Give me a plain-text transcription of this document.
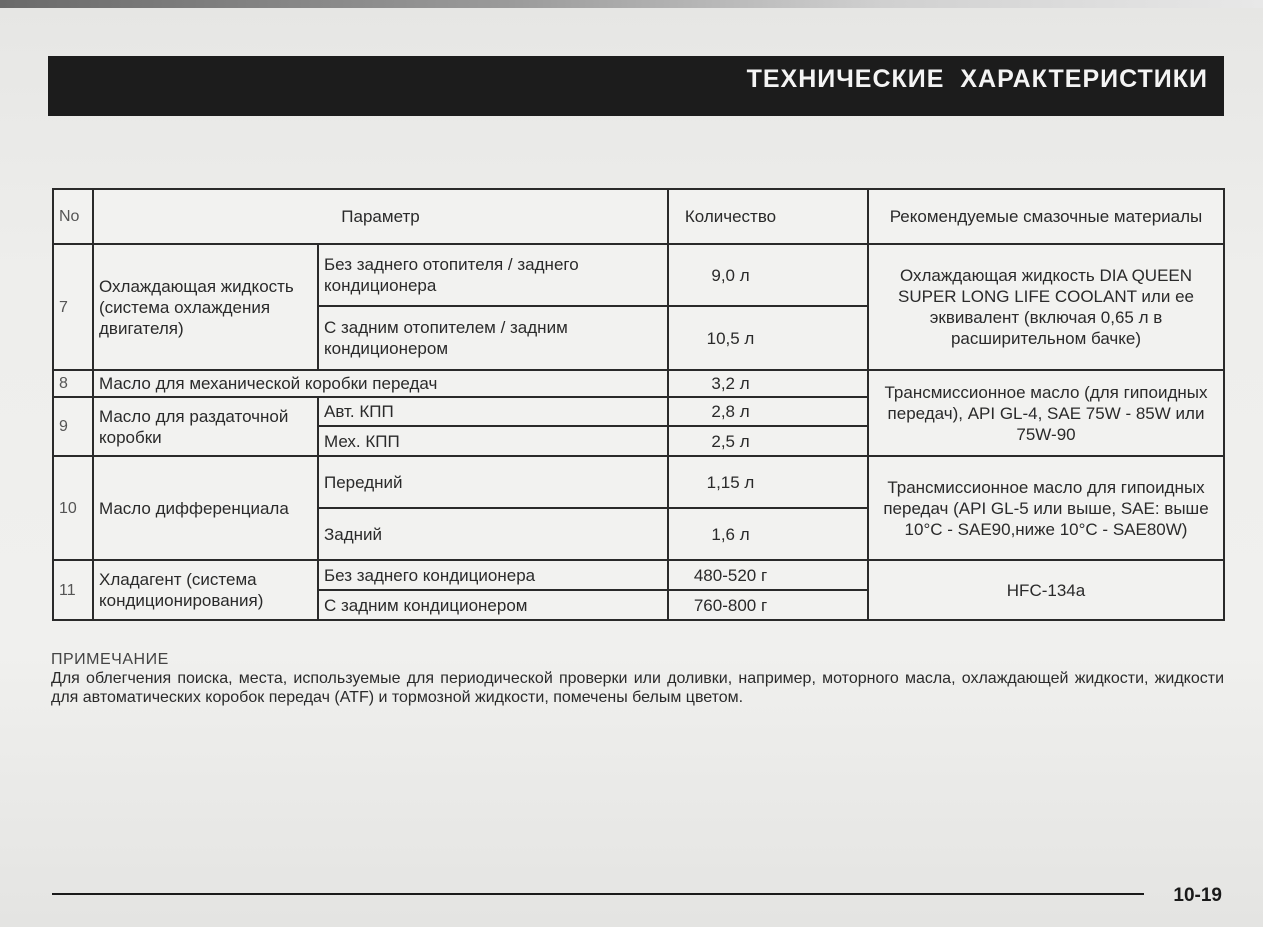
ТЕХНИЧЕСКИЕ ХАРАКТЕРИСТИКИ
No	Параметр		Количество	Рекомендуемые смазочные материалы
7	Охлаждающая жидкость (система охлаждения двигателя)	Без заднего отопителя / заднего кондиционера	9,0 л	Охлаждающая жидкость DIA QUEEN SUPER LONG LIFE COOLANT или ее эквивалент (включая 0,65 л в расширительном бачке)
		С задним отопителем / задним кондиционером	10,5 л	
8	Масло для механической коробки передач		3,2 л	Трансмиссионное масло (для гипоидных передач), API GL-4, SAE 75W - 85W или 75W-90
9	Масло для раздаточной коробки	Авт. КПП	2,8 л	
		Мех. КПП	2,5 л	
10	Масло дифференциала	Передний	1,15 л	Трансмиссионное масло для гипоидных передач (API GL-5 или выше, SAE: выше 10°C - SAE90,ниже 10°C - SAE80W)
		Задний	1,6 л	
11	Хладагент (система кондиционирования)	Без заднего кондиционера	480-520 г	HFC-134a
		С задним кондиционером	760-800 г	
ПРИМЕЧАНИЕ
Для облегчения поиска, места, используемые для периодической проверки или доливки, например, моторного масла, охлаждающей жидкости, жидкости для автоматических коробок передач (ATF) и тормозной жидкости, помечены белым цветом.
10-19
